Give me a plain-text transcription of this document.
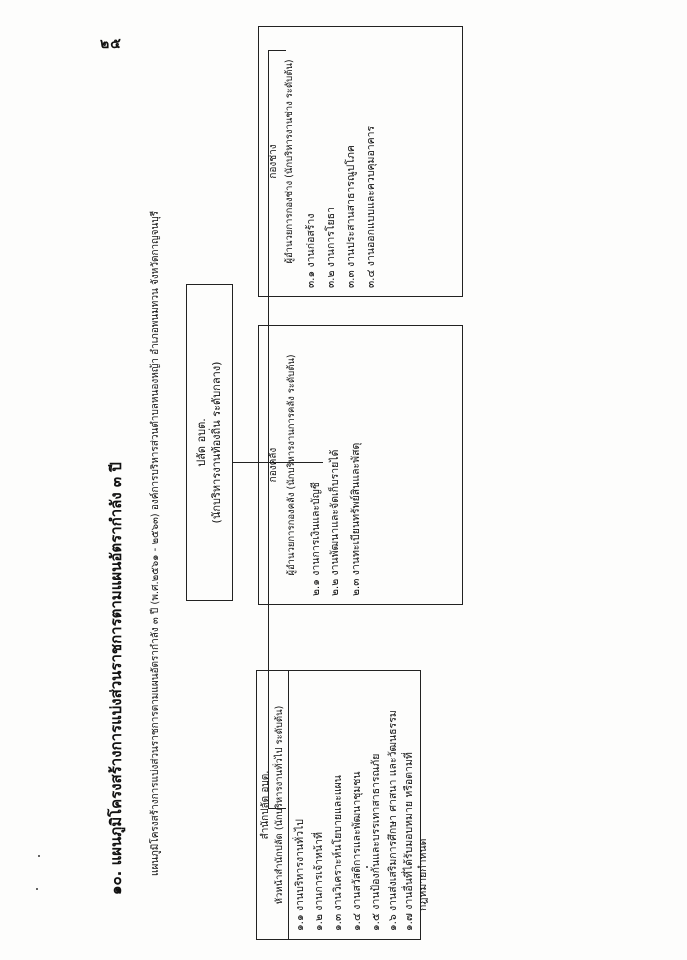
๒๕
๑๐. แผนภูมิโครงสร้างการแบ่งส่วนราชการตามแผนอัตรากำลัง ๓ ปี	แผนภูมิโครงสร้างการแบ่งส่วนราชการตามแผนอัตรากำลัง ๓ ปี (พ.ศ.๒๕๖๑ - ๒๕๖๓) องค์การบริหารส่วนตำบลหนองหญ้า อำเภอพนมทวน จังหวัดกาญจนบุรี	ปลัด อบต. (นักบริหารงานท้องถิ่น ระดับกลาง)
สำนักปลัด อบต. หัวหน้าสำนักปลัด (นักบริหารงานทั่วไป ระดับต้น) ๑.๑ งานบริหารงานทั่วไป ๑.๒ งานการเจ้าหน้าที่ ๑.๓ งานวิเคราะห์นโยบายและแผน ๑.๔ งานสวัสดิการและพัฒนาชุมชน ๑.๕ งานป้องกันและบรรเทาสาธารณภัย ๑.๖ งานส่งเสริมการศึกษา ศาสนา และวัฒนธรรม ๑.๗ งานอื่นที่ได้รับมอบหมาย หรือตามที่ กฎหมายกำหนด
กองคลัง ผู้อำนวยการกองคลัง (นักบริหารงานการคลัง ระดับต้น) ๒.๑ งานการเงินและบัญชี ๒.๒ งานพัฒนาและจัดเก็บรายได้ ๒.๓ งานทะเบียนทรัพย์สินและพัสดุ
กองช่าง ผู้อำนวยการกองช่าง (นักบริหารงานช่าง ระดับต้น) ๓.๑ งานก่อสร้าง ๓.๒ งานการโยธา ๓.๓ งานประสานสาธารณูปโภค ๓.๔ งานออกแบบและควบคุมอาคาร
